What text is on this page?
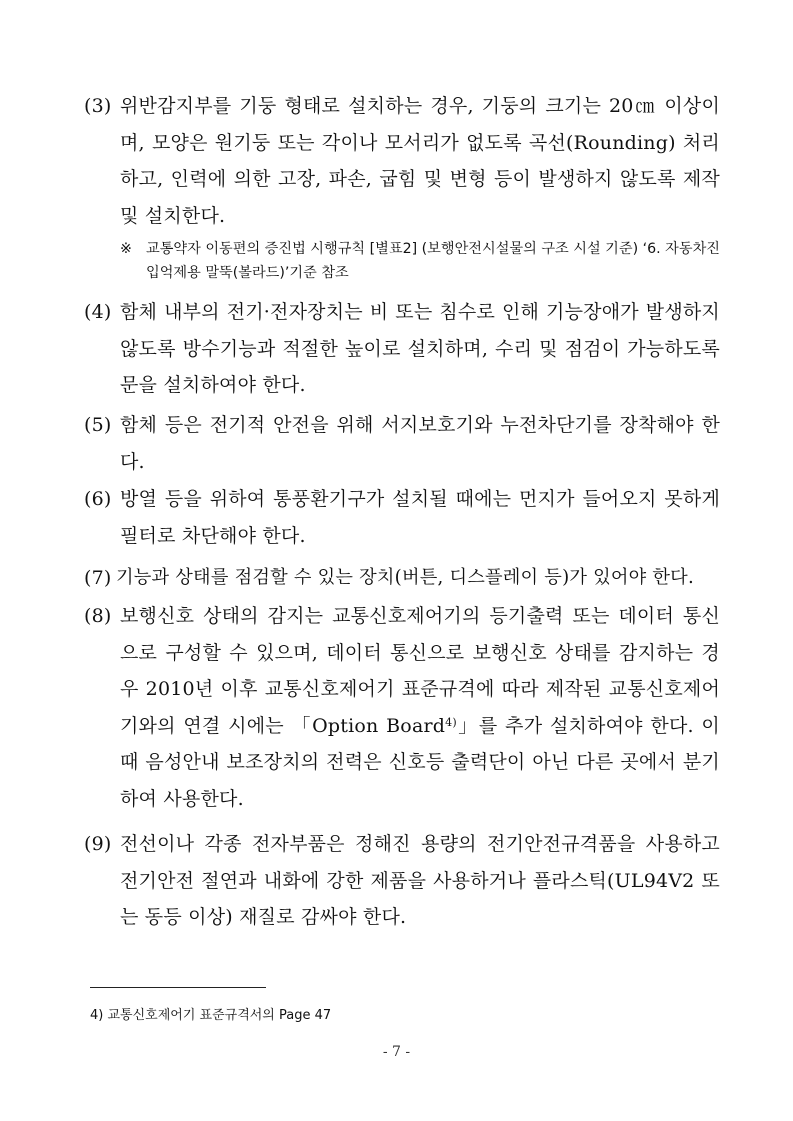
(3) 위반감지부를 기둥 형태로 설치하는 경우, 기둥의 크기는 20㎝ 이상이며, 모양은 원기둥 또는 각이나 모서리가 없도록 곡선(Rounding) 처리하고, 인력에 의한 고장, 파손, 굽힘 및 변형 등이 발생하지 않도록 제작 및 설치한다.
※ 교통약자 이동편의 증진법 시행규칙 [별표2] (보행안전시설물의 구조 시설 기준) ‘6. 자동차진입억제용 말뚝(볼라드)’기준 참조
(4) 함체 내부의 전기·전자장치는 비 또는 침수로 인해 기능장애가 발생하지 않도록 방수기능과 적절한 높이로 설치하며, 수리 및 점검이 가능하도록 문을 설치하여야 한다.
(5) 함체 등은 전기적 안전을 위해 서지보호기와 누전차단기를 장착해야 한다.
(6) 방열 등을 위하여 통풍환기구가 설치될 때에는 먼지가 들어오지 못하게 필터로 차단해야 한다.
(7) 기능과 상태를 점검할 수 있는 장치(버튼, 디스플레이 등)가 있어야 한다.
(8) 보행신호 상태의 감지는 교통신호제어기의 등기출력 또는 데이터 통신으로 구성할 수 있으며, 데이터 통신으로 보행신호 상태를 감지하는 경우 2010년 이후 교통신호제어기 표준규격에 따라 제작된 교통신호제어기와의 연결 시에는 「Option Board$^{4)}$」를 추가 설치하여야 한다. 이때 음성안내 보조장치의 전력은 신호등 출력단이 아닌 다른 곳에서 분기하여 사용한다.
(9) 전선이나 각종 전자부품은 정해진 용량의 전기안전규격품을 사용하고 전기안전 절연과 내화에 강한 제품을 사용하거나 플라스틱(UL94V2 또는 동등 이상) 재질로 감싸야 한다.
4) 교통신호제어기 표준규격서의 Page 47
- 7 -
